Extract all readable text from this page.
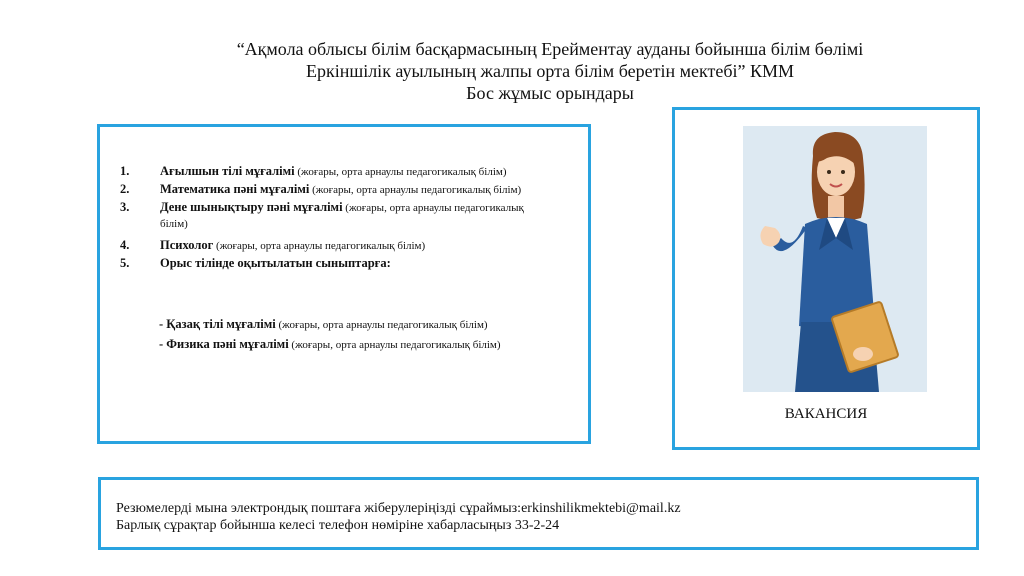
“Ақмола облысы білім басқармасының Ерейментау ауданы бойынша білім бөлімі
Еркіншілік ауылының жалпы орта білім беретін мектебі” КММ
Бос жұмыс орындары
1. Ағылшын тілі мұғалімі (жоғары, орта арнаулы педагогикалық білім)
2. Математика пәні мұғалімі (жоғары, орта арнаулы педагогикалық білім)
3. Дене шынықтыру пәні мұғалімі (жоғары, орта арнаулы педагогикалық білім)
4. Психолог (жоғары, орта арнаулы педагогикалық білім)
5. Орыс тілінде оқытылатын сыныптарға:
- Қазақ тілі мұғалімі (жоғары, орта арнаулы педагогикалық білім)
- Физика пәні мұғалімі (жоғары, орта арнаулы педагогикалық білім)
ВАКАНСИЯ
Резюмелерді мына электрондық поштаға жіберулеріңізді сұраймыз:erkinshilikmektebi@mail.kz
Барлық сұрақтар бойынша келесі телефон нөміріне хабарласыңыз 33-2-24
